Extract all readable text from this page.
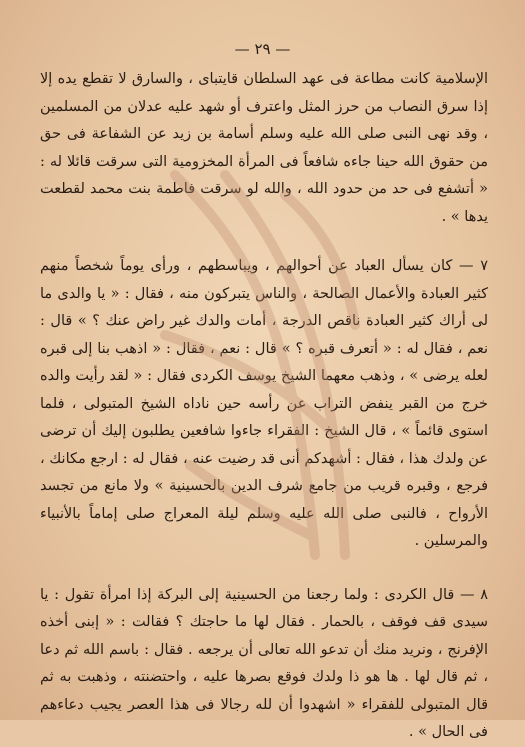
— ٢٩ —

الإسلامية كانت مطاعة فى عهد السلطان قايتباى ، والسارق لا تقطع يده إلا إذا سرق النصاب من حرز المثل واعترف أو شهد عليه عدلان من المسلمين ، وقد نهى النبى صلى الله عليه وسلم أسامة بن زيد عن الشفاعة فى حق من حقوق الله حينا جاءه شافعاً فى المرأة المخزومية التى سرقت قائلا له : « أتشفع فى حد من حدود الله ، والله لو سرقت فاطمة بنت محمد لقطعت يدها » .

٧ — كان يسأل العباد عن أحوالهم ، ويباسطهم ، ورأى يوماً شخصاً منهم كثير العبادة والأعمال الصالحة ، والناس يتبركون منه ، فقال : « يا والدى ما لى أراك كثير العبادة ناقص الدرجة ، أمات والدك غير راض عنك ؟ » قال : نعم ، فقال له : « أتعرف قبره ؟ » قال : نعم ، فقال : « اذهب بنا إلى قبره لعله يرضى » ، وذهب معهما الشيخ يوسف الكردى فقال : « لقد رأيت والده خرج من القبر ينفض التراب عن رأسه حين ناداه الشيخ المتبولى ، فلما استوى قائماً » ، قال الشيخ : الفقراء جاءوا شافعين يطلبون إليك أن ترضى عن ولدك هذا ، فقال : أشهدكم أنى قد رضيت عنه ، فقال له : ارجع مكانك ، فرجع ، وقبره قريب من جامع شرف الدين بالحسينية » ولا مانع من تجسد الأرواح ، فالنبى صلى الله عليه وسلم ليلة المعراج صلى إماماً بالأنبياء والمرسلين .

٨ — قال الكردى : ولما رجعنا من الحسينية إلى البركة إذا امرأة تقول : يا سيدى قف فوقف ، بالحمار . فقال لها ما حاجتك ؟ فقالت : « إبنى أخذه الإفرنج ، ونريد منك أن تدعو الله تعالى أن يرجعه . فقال : باسم الله ثم دعا ، ثم قال لها . ها هو ذا ولدك فوقع بصرها عليه ، واحتضنته ، وذهبت به ثم قال المتبولى للفقراء « اشهدوا أن لله رجالا فى هذا العصر يجيب دعاءهم فى الحال » .
